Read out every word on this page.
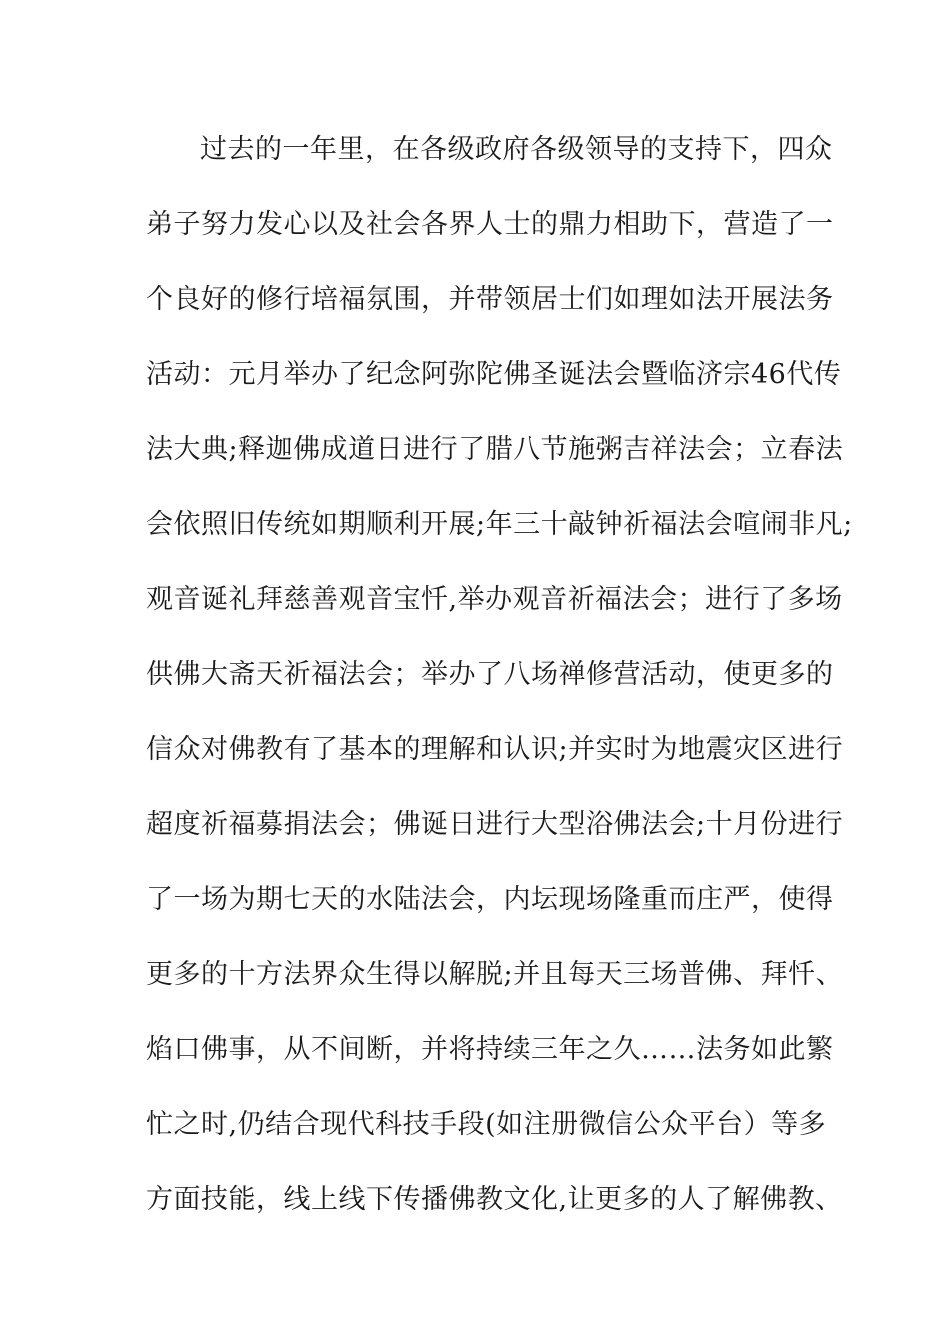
过去的一年里，在各级政府各级领导的支持下，四众
弟子努力发心以及社会各界人士的鼎力相助下，营造了一
个良好的修行培福氛围，并带领居士们如理如法开展法务
活动：元月举办了纪念阿弥陀佛圣诞法会暨临济宗46代传
法大典;释迦佛成道日进行了腊八节施粥吉祥法会；立春法
会依照旧传统如期顺利开展;年三十敲钟祈福法会喧闹非凡;
观音诞礼拜慈善观音宝忏,举办观音祈福法会；进行了多场
供佛大斋天祈福法会；举办了八场禅修营活动，使更多的
信众对佛教有了基本的理解和认识;并实时为地震灾区进行
超度祈福募捐法会；佛诞日进行大型浴佛法会;十月份进行
了一场为期七天的水陆法会，内坛现场隆重而庄严，使得
更多的十方法界众生得以解脱;并且每天三场普佛、拜忏、
焰口佛事，从不间断，并将持续三年之久……法务如此繁
忙之时,仍结合现代科技手段(如注册微信公众平台）等多
方面技能，线上线下传播佛教文化,让更多的人了解佛教、
